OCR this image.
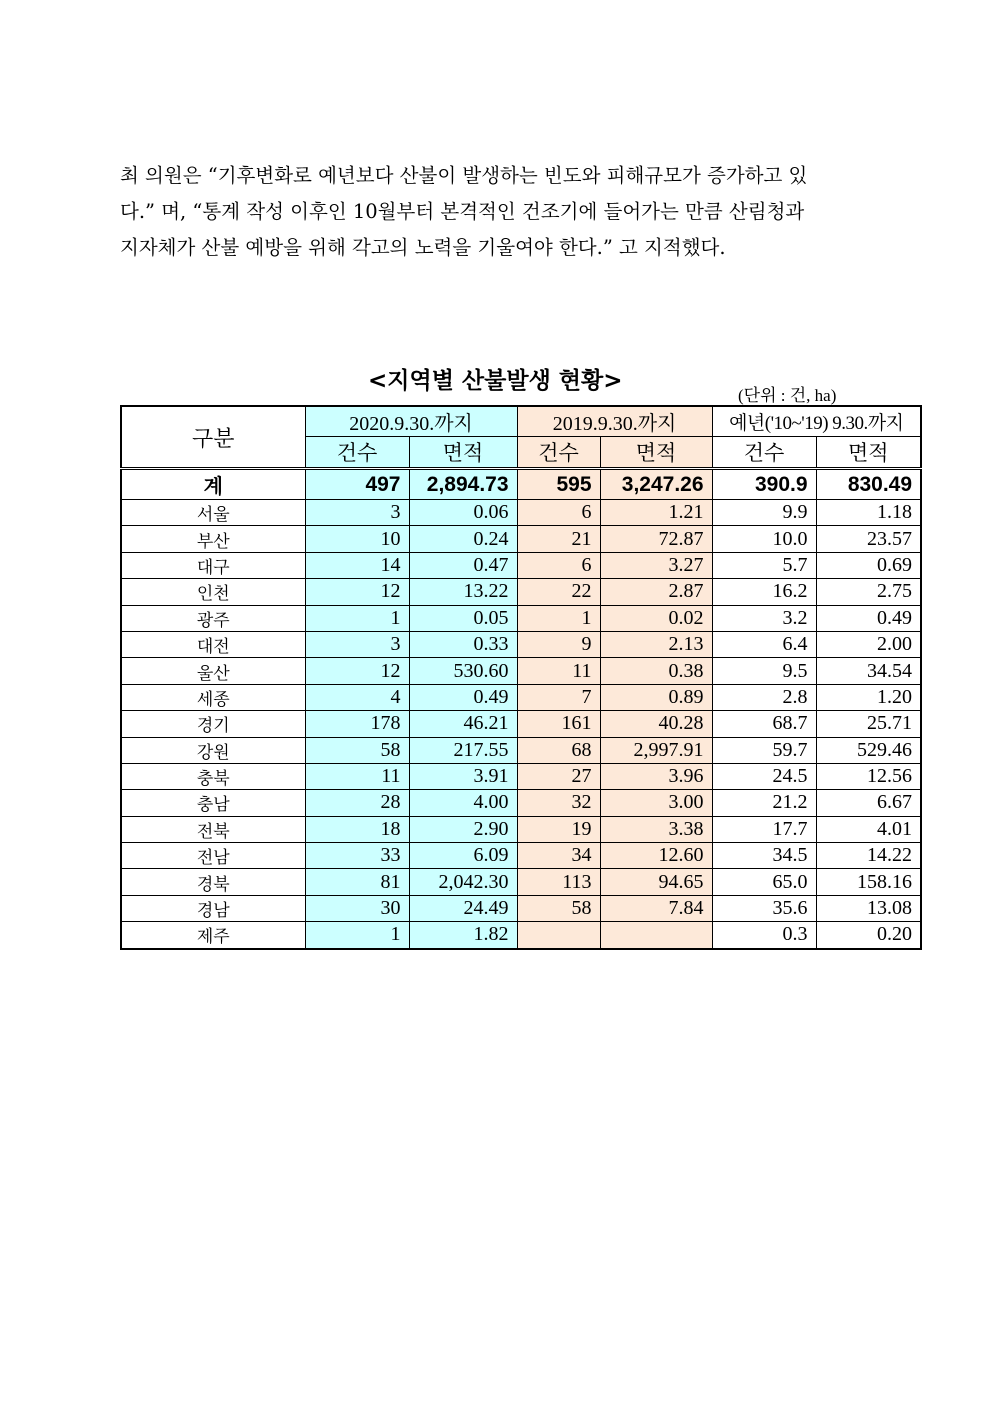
최 의원은 “기후변화로 예년보다 산불이 발생하는 빈도와 피해규모가 증가하고 있
다.” 며, “통계 작성 이후인 10월부터 본격적인 건조기에 들어가는 만큼 산림청과
지자체가 산불 예방을 위해 각고의 노력을 기울여야 한다.” 고 지적했다.
<지역별 산불발생 현황>
(단위 : 건, ha)
구분	2020.9.30.까지		2019.9.30.까지		예년('10~'19) 9.30.까지	
	건수	면적	건수	면적	건수	면적
계	497	2,894.73	595	3,247.26	390.9	830.49
서울	3	0.06	6	1.21	9.9	1.18
부산	10	0.24	21	72.87	10.0	23.57
대구	14	0.47	6	3.27	5.7	0.69
인천	12	13.22	22	2.87	16.2	2.75
광주	1	0.05	1	0.02	3.2	0.49
대전	3	0.33	9	2.13	6.4	2.00
울산	12	530.60	11	0.38	9.5	34.54
세종	4	0.49	7	0.89	2.8	1.20
경기	178	46.21	161	40.28	68.7	25.71
강원	58	217.55	68	2,997.91	59.7	529.46
충북	11	3.91	27	3.96	24.5	12.56
충남	28	4.00	32	3.00	21.2	6.67
전북	18	2.90	19	3.38	17.7	4.01
전남	33	6.09	34	12.60	34.5	14.22
경북	81	2,042.30	113	94.65	65.0	158.16
경남	30	24.49	58	7.84	35.6	13.08
제주	1	1.82			0.3	0.20
